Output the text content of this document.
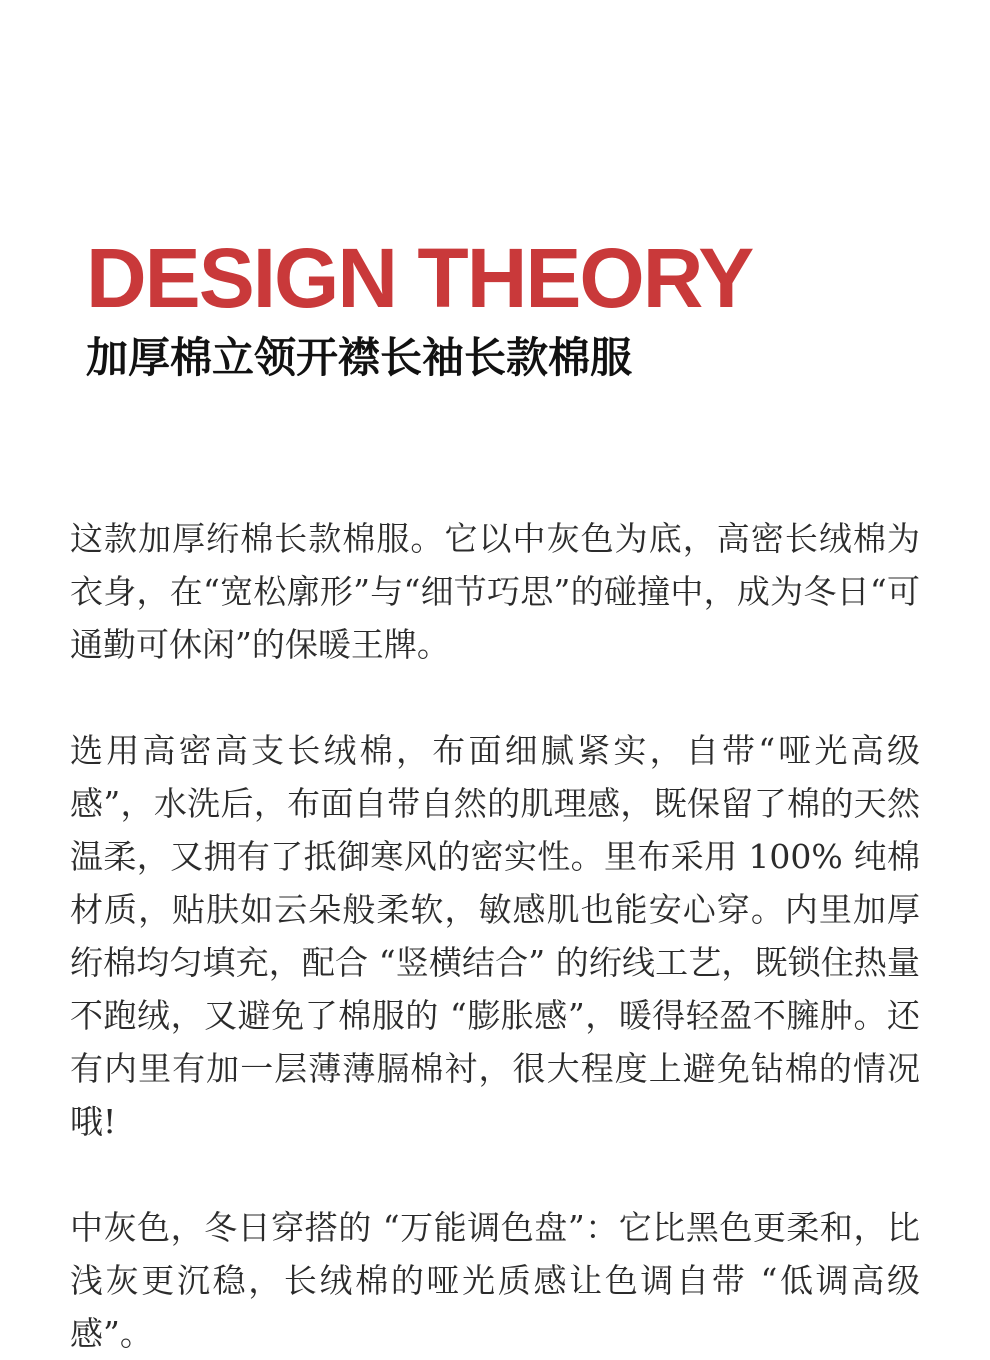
DESIGN THEORY
加厚棉立领开襟长袖长款棉服

这款加厚绗棉长款棉服。它以中灰色为底，高密长绒棉为衣身，在“宽松廓形”与“细节巧思”的碰撞中，成为冬日“可通勤可休闲”的保暖王牌。

选用高密高支长绒棉，布面细腻紧实，自带“哑光高级感”，水洗后，布面自带自然的肌理感，既保留了棉的天然温柔，又拥有了抵御寒风的密实性。里布采用 100% 纯棉材质，贴肤如云朵般柔软，敏感肌也能安心穿。内里加厚绗棉均匀填充，配合 “竖横结合” 的绗线工艺，既锁住热量不跑绒，又避免了棉服的 “膨胀感”，暖得轻盈不臃肿。还有内里有加一层薄薄膈棉衬，很大程度上避免钻棉的情况哦!

中灰色，冬日穿搭的 “万能调色盘”：它比黑色更柔和，比浅灰更沉稳，长绒棉的哑光质感让色调自带 “低调高级感”。
